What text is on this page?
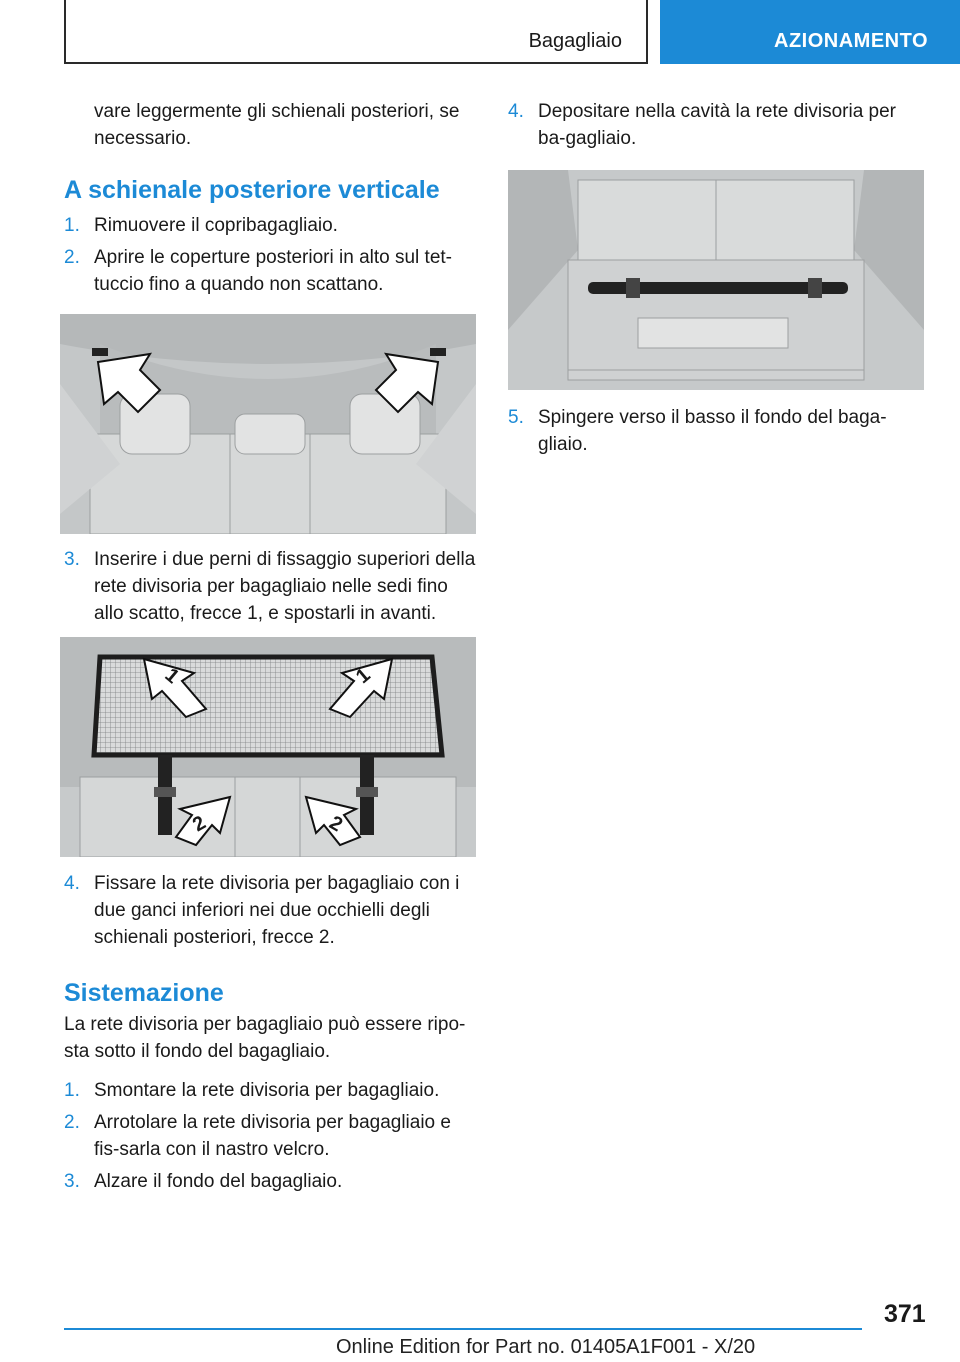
Bagagliaio	AZIONAMENTO

vare leggermente gli schienali posteriori, se necessario.

A schienale posteriore verticale
1. Rimuovere il copribagagliaio.
2. Aprire le coperture posteriori in alto sul tet-tuccio fino a quando non scattano.
3. Inserire i due perni di fissaggio superiori della rete divisoria per bagagliaio nelle sedi fino allo scatto, frecce 1, e spostarli in avanti.
4. Fissare la rete divisoria per bagagliaio con i due ganci inferiori nei due occhielli degli schienali posteriori, frecce 2.
Sistemazione

La rete divisoria per bagagliaio può essere ripo-sta sotto il fondo del bagagliaio.

1. Smontare la rete divisoria per bagagliaio.
2. Arrotolare la rete divisoria per bagagliaio e fis-sarla con il nastro velcro.
3. Alzare il fondo del bagagliaio.
1	1
2	2
4. Depositare nella cavità la rete divisoria per ba-gagliaio.
5. Spingere verso il basso il fondo del baga-gliaio.
371
Online Edition for Part no. 01405A1F001 - X/20
